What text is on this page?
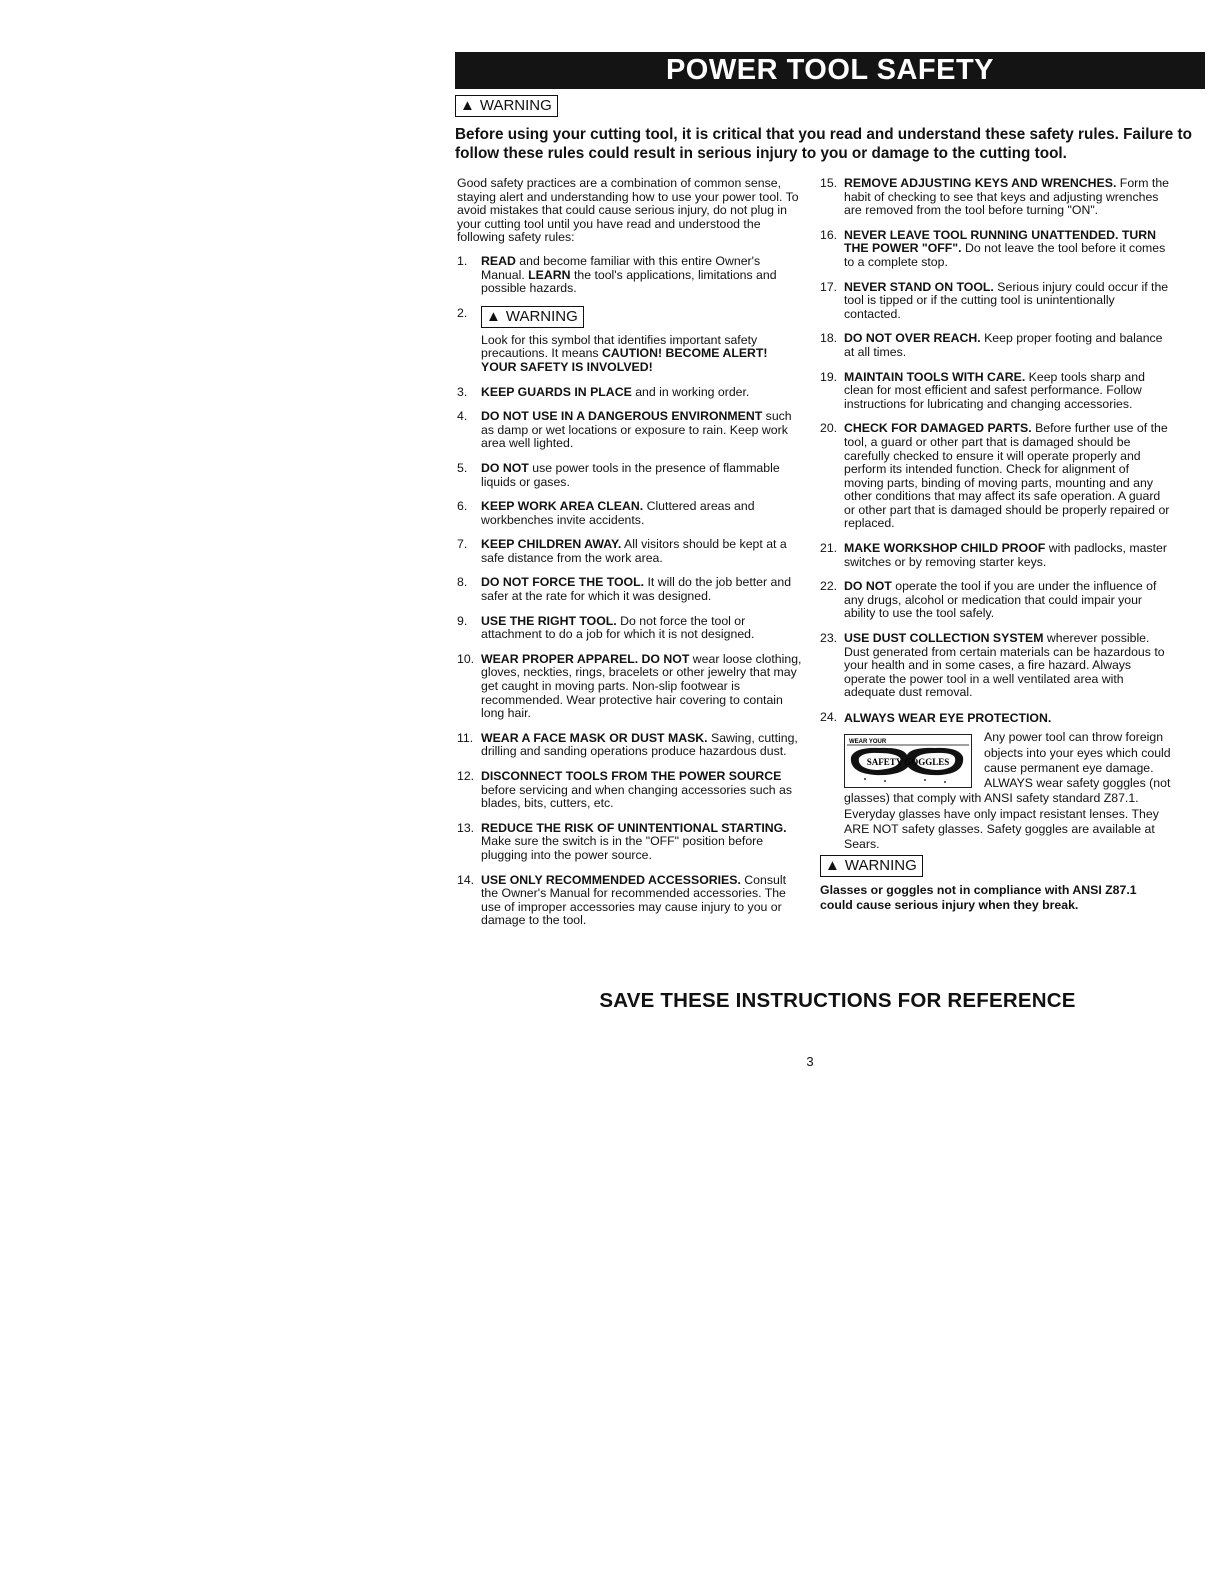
POWER TOOL SAFETY
▲ WARNING
Before using your cutting tool, it is critical that you read and understand these safety rules. Failure to follow these rules could result in serious injury to you or damage to the cutting tool.

Good safety practices are a combination of common sense, staying alert and understanding how to use your power tool. To avoid mistakes that could cause serious injury, do not plug in your cutting tool until you have read and understood the following safety rules:

1.	READ and become familiar with this entire Owner's Manual. LEARN the tool's applications, limitations and possible hazards.
2.	▲ WARNING

Look for this symbol that identifies important safety precautions. It means CAUTION! BECOME ALERT! YOUR SAFETY IS INVOLVED!
3.	KEEP GUARDS IN PLACE and in working order.
4.	DO NOT USE IN A DANGEROUS ENVIRONMENT such as damp or wet locations or exposure to rain. Keep work area well lighted.
5.	DO NOT use power tools in the presence of flammable liquids or gases.
6.	KEEP WORK AREA CLEAN. Cluttered areas and workbenches invite accidents.
7.	KEEP CHILDREN AWAY. All visitors should be kept at a safe distance from the work area.
8.	DO NOT FORCE THE TOOL. It will do the job better and safer at the rate for which it was designed.
9.	USE THE RIGHT TOOL. Do not force the tool or attachment to do a job for which it is not designed.
10. WEAR PROPER APPAREL. DO NOT wear loose clothing, gloves, neckties, rings, bracelets or other jewelry that may get caught in moving parts. Non-slip footwear is recommended. Wear protective hair covering to contain long hair.
11. WEAR A FACE MASK OR DUST MASK. Sawing, cutting, drilling and sanding operations produce hazardous dust.
12. DISCONNECT TOOLS FROM THE POWER SOURCE before servicing and when changing accessories such as blades, bits, cutters, etc.
13. REDUCE THE RISK OF UNINTENTIONAL STARTING. Make sure the switch is in the "OFF" position before plugging into the power source.
14. USE ONLY RECOMMENDED ACCESSORIES. Consult the Owner's Manual for recommended accessories. The use of improper accessories may cause injury to you or damage to the tool.
15. REMOVE ADJUSTING KEYS AND WRENCHES. Form the habit of checking to see that keys and adjusting wrenches are removed from the tool before turning "ON".
16. NEVER LEAVE TOOL RUNNING UNATTENDED. TURN THE POWER "OFF". Do not leave the tool before it comes to a complete stop.
17. NEVER STAND ON TOOL. Serious injury could occur if the tool is tipped or if the cutting tool is unintentionally contacted.
18. DO NOT OVER REACH. Keep proper footing and balance at all times.
19. MAINTAIN TOOLS WITH CARE. Keep tools sharp and clean for most efficient and safest performance. Follow instructions for lubricating and changing accessories.
20. CHECK FOR DAMAGED PARTS. Before further use of the tool, a guard or other part that is damaged should be carefully checked to ensure it will operate properly and perform its intended function. Check for alignment of moving parts, binding of moving parts, mounting and any other conditions that may affect its safe operation. A guard or other part that is damaged should be properly repaired or replaced.
21. MAKE WORKSHOP CHILD PROOF with padlocks, master switches or by removing starter keys.
22. DO NOT operate the tool if you are under the influence of any drugs, alcohol or medication that could impair your ability to use the tool safely.
23. USE DUST COLLECTION SYSTEM wherever possible. Dust generated from certain materials can be hazardous to your health and in some cases, a fire hazard. Always operate the power tool in a well ventilated area with adequate dust removal.
24. ALWAYS WEAR EYE PROTECTION.
WEAR YOUR
SAFETY GOGGLES
Any power tool can throw foreign objects into your eyes which could cause permanent eye damage. ALWAYS wear safety goggles (not glasses) that comply with ANSI safety standard Z87.1. Everyday glasses have only impact resistant lenses. They ARE NOT safety glasses. Safety goggles are available at Sears.
▲ WARNING
Glasses or goggles not in compliance with ANSI Z87.1 could cause serious injury when they break.
SAVE THESE INSTRUCTIONS FOR REFERENCE
3
